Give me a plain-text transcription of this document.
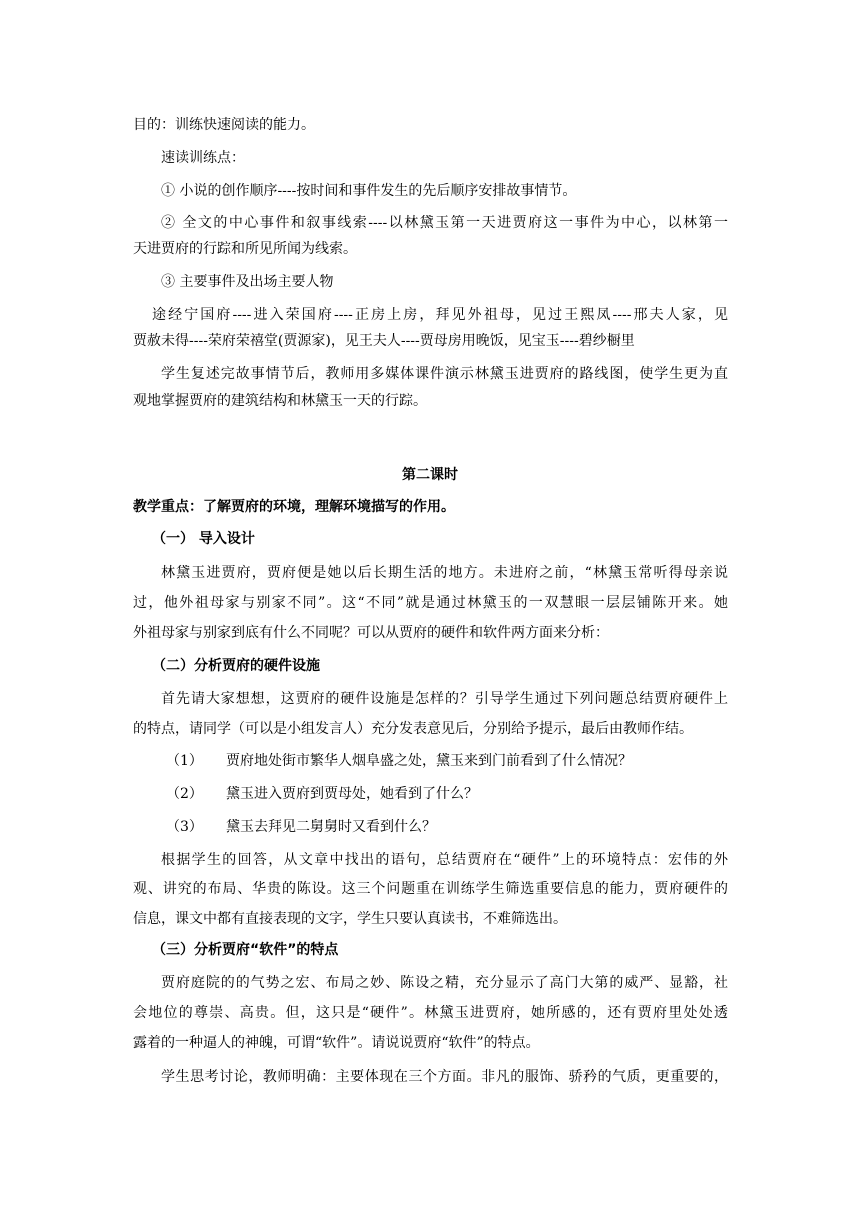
目的：训练快速阅读的能力。
速读训练点：
① 小说的创作顺序----按时间和事件发生的先后顺序安排故事情节。
② 全文的中心事件和叙事线索----以林黛玉第一天进贾府这一事件为中心，以林第一
天进贾府的行踪和所见所闻为线索。
③ 主要事件及出场主要人物
途经宁国府----进入荣国府----正房上房，拜见外祖母，见过王熙凤----邢夫人家，见
贾赦未得----荣府荣禧堂(贾源家)，见王夫人----贾母房用晚饭，见宝玉----碧纱橱里
学生复述完故事情节后，教师用多媒体课件演示林黛玉进贾府的路线图，使学生更为直
观地掌握贾府的建筑结构和林黛玉一天的行踪。
第二课时
教学重点：了解贾府的环境，理解环境描写的作用。
（一） 导入设计
林黛玉进贾府，贾府便是她以后长期生活的地方。未进府之前，“林黛玉常听得母亲说
过，他外祖母家与别家不同”。这“不同”就是通过林黛玉的一双慧眼一层层铺陈开来。她
外祖母家与别家到底有什么不同呢？可以从贾府的硬件和软件两方面来分析：
（二）分析贾府的硬件设施
首先请大家想想，这贾府的硬件设施是怎样的？引导学生通过下列问题总结贾府硬件上
的特点，请同学（可以是小组发言人）充分发表意见后，分别给予提示，最后由教师作结。
（1） 贾府地处街市繁华人烟阜盛之处，黛玉来到门前看到了什么情况？
（2） 黛玉进入贾府到贾母处，她看到了什么？
（3） 黛玉去拜见二舅舅时又看到什么？
根据学生的回答，从文章中找出的语句，总结贾府在“硬件”上的环境特点：宏伟的外
观、讲究的布局、华贵的陈设。这三个问题重在训练学生筛选重要信息的能力，贾府硬件的
信息，课文中都有直接表现的文字，学生只要认真读书，不难筛选出。
（三）分析贾府“软件”的特点
贾府庭院的的气势之宏、布局之妙、陈设之精，充分显示了高门大第的威严、显豁，社
会地位的尊崇、高贵。但，这只是“硬件”。林黛玉进贾府，她所感的，还有贾府里处处透
露着的一种逼人的神魄，可谓“软件”。请说说贾府“软件”的特点。
学生思考讨论，教师明确：主要体现在三个方面。非凡的服饰、骄矜的气质，更重要的，
